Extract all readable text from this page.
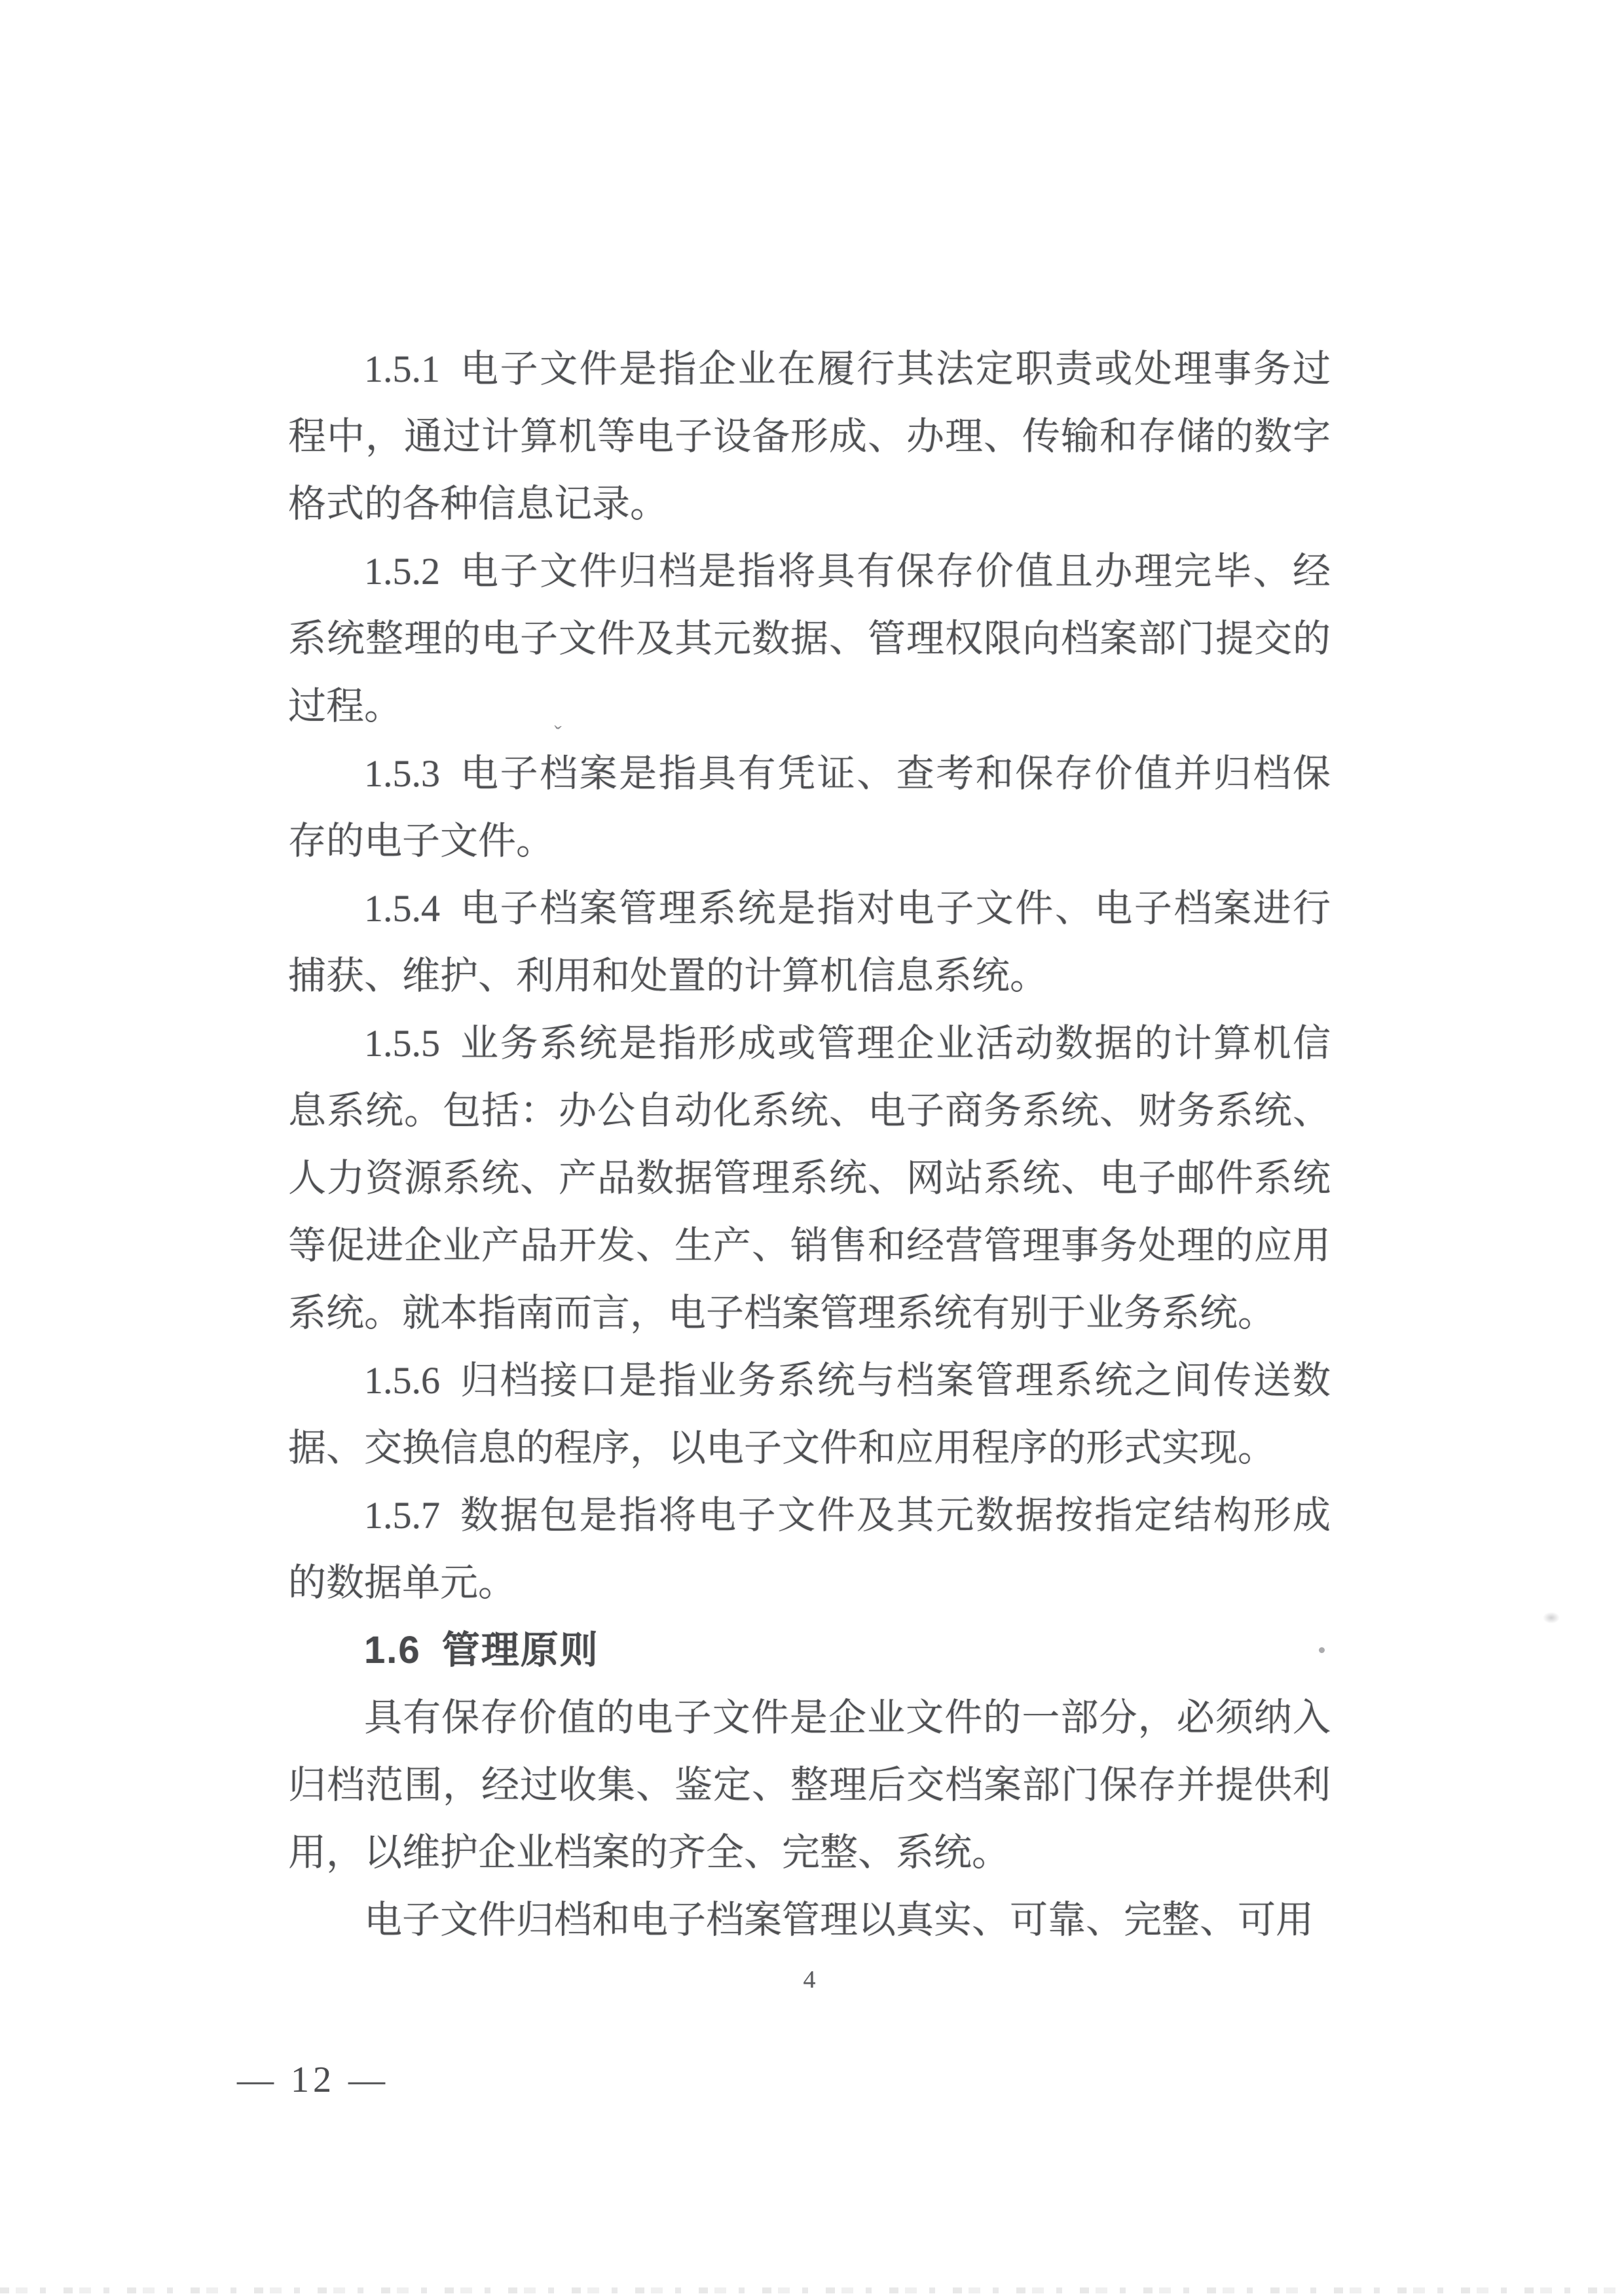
1.5.1 电子文件是指企业在履行其法定职责或处理事务过程中，通过计算机等电子设备形成、办理、传输和存储的数字格式的各种信息记录。

1.5.2 电子文件归档是指将具有保存价值且办理完毕、经系统整理的电子文件及其元数据、管理权限向档案部门提交的过程。

1.5.3 电子档案是指具有凭证、查考和保存价值并归档保存的电子文件。

1.5.4 电子档案管理系统是指对电子文件、电子档案进行捕获、维护、利用和处置的计算机信息系统。

1.5.5 业务系统是指形成或管理企业活动数据的计算机信息系统。包括：办公自动化系统、电子商务系统、财务系统、人力资源系统、产品数据管理系统、网站系统、电子邮件系统等促进企业产品开发、生产、销售和经营管理事务处理的应用系统。就本指南而言，电子档案管理系统有别于业务系统。

1.5.6 归档接口是指业务系统与档案管理系统之间传送数据、交换信息的程序，以电子文件和应用程序的形式实现。

1.5.7 数据包是指将电子文件及其元数据按指定结构形成的数据单元。

1.6 管理原则

具有保存价值的电子文件是企业文件的一部分，必须纳入归档范围，经过收集、鉴定、整理后交档案部门保存并提供利用，以维护企业档案的齐全、完整、系统。

电子文件归档和电子档案管理以真实、可靠、完整、可用

4
— 12 —
ˇ
